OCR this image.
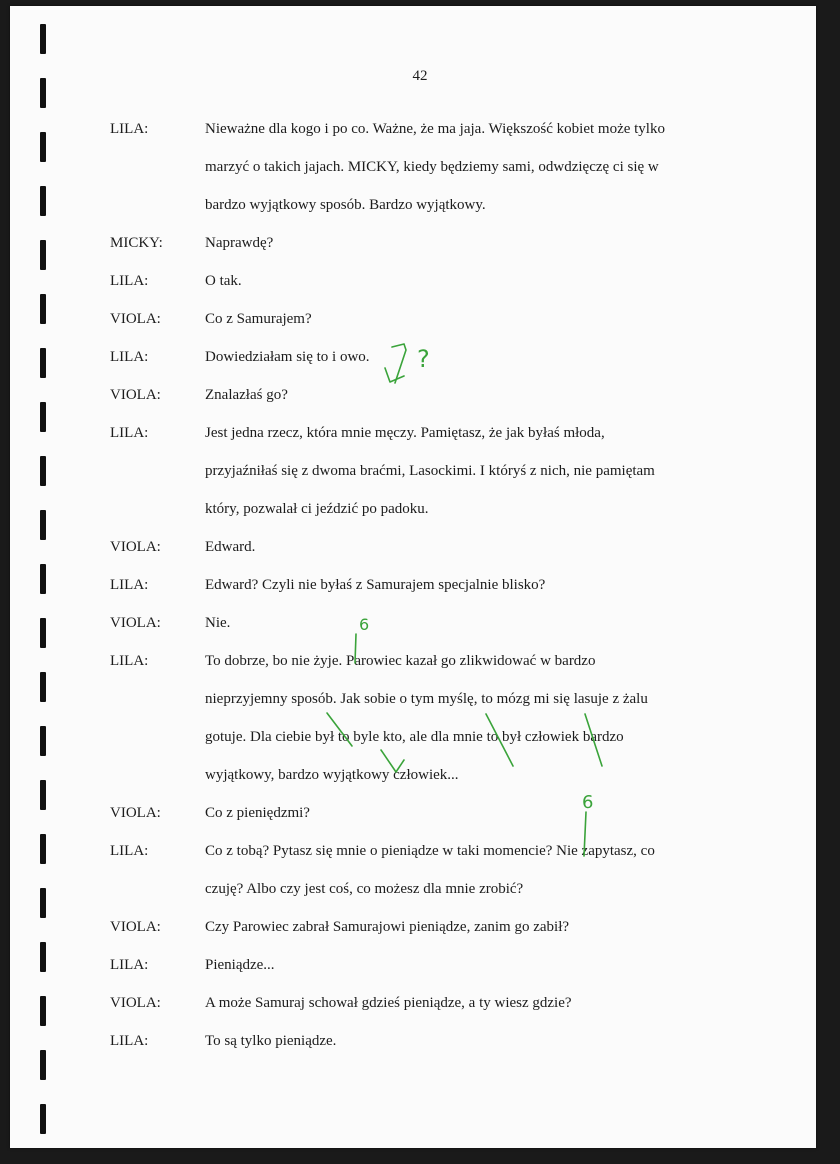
42
LILA:	Nieważne dla kogo i po co. Ważne, że ma jaja. Większość kobiet może tylko
marzyć o takich jajach. MICKY, kiedy będziemy sami, odwdzięczę ci się w
bardzo wyjątkowy sposób. Bardzo wyjątkowy.
MICKY:	Naprawdę?
LILA:	O tak.
VIOLA:	Co z Samurajem?
LILA:	Dowiedziałam się to i owo.
VIOLA:	Znalazłaś go?
LILA:	Jest jedna rzecz, która mnie męczy. Pamiętasz, że jak byłaś młoda,
przyjaźniłaś się z dwoma braćmi, Lasockimi. I któryś z nich, nie pamiętam
który, pozwalał ci jeździć po padoku.
VIOLA:	Edward.
LILA:	Edward? Czyli nie byłaś z Samurajem specjalnie blisko?
VIOLA:	Nie.
LILA:	To dobrze, bo nie żyje. Parowiec kazał go zlikwidować w bardzo
nieprzyjemny sposób. Jak sobie o tym myślę, to mózg mi się lasuje z żalu
gotuje. Dla ciebie był to byle kto, ale dla mnie to był człowiek bardzo
wyjątkowy, bardzo wyjątkowy człowiek...
VIOLA:	Co z pieniędzmi?
LILA:	Co z tobą? Pytasz się mnie o pieniądze w taki momencie? Nie zapytasz, co
czuję? Albo czy jest coś, co możesz dla mnie zrobić?
VIOLA:	Czy Parowiec zabrał Samurajowi pieniądze, zanim go zabił?
LILA:	Pieniądze...
VIOLA:	A może Samuraj schował gdzieś pieniądze, a ty wiesz gdzie?
LILA:	To są tylko pieniądze.
?
6
6
